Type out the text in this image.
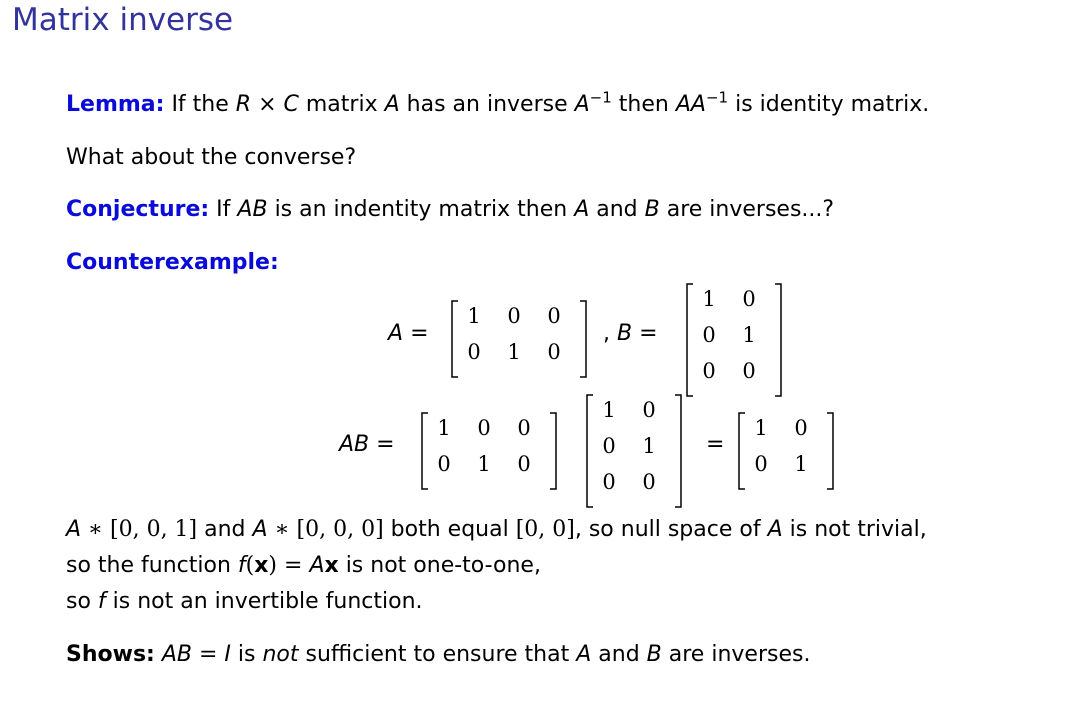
Matrix inverse
Lemma: If the R × C matrix A has an inverse $A^{-1}$ then $AA^{-1}$ is identity matrix.
What about the converse?
Conjecture: If AB is an indentity matrix then A and B are inverses...?
Counterexample:
A =
1	0	0
0	1	0
, B =
1	0
0	1
0	0
AB =
1	0	0
0	1	0
1	0
0	1
0	0
=
1	0
0	1
A ∗ [0, 0, 1] and A ∗ [0, 0, 0] both equal [0, 0], so null space of A is not trivial,
so the function f(x) = Ax is not one-to-one,
so f is not an invertible function.
Shows: AB = I is not sufficient to ensure that A and B are inverses.
